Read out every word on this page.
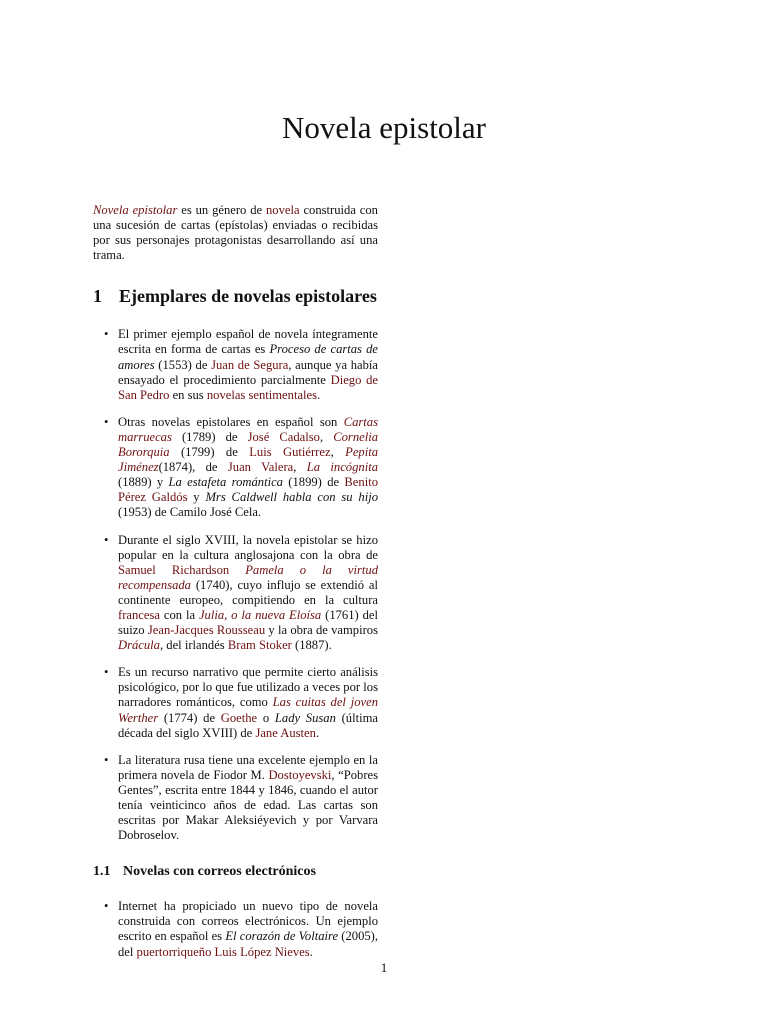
Novela epistolar

Novela epistolar es un género de novela construida con una sucesión de cartas (epístolas) enviadas o recibidas por sus personajes protagonistas desarrollando así una trama.

1 Ejemplares de novelas epistolares
• El primer ejemplo español de novela íntegramente escrita en forma de cartas es Proceso de cartas de amores (1553) de Juan de Segura, aunque ya había ensayado el procedimiento parcialmente Diego de San Pedro en sus novelas sentimentales.
• Otras novelas epistolares en español son Cartas marruecas (1789) de José Cadalso, Cornelia Bororquia (1799) de Luis Gutiérrez, Pepita Jiménez(1874), de Juan Valera, La incógnita (1889) y La estafeta romántica (1899) de Benito Pérez Galdós y Mrs Caldwell habla con su hijo (1953) de Camilo José Cela.
• Durante el siglo XVIII, la novela epistolar se hizo popular en la cultura anglosajona con la obra de Samuel Richardson Pamela o la virtud recompensada (1740), cuyo influjo se extendió al continente europeo, compitiendo en la cultura francesa con la Julia, o la nueva Eloísa (1761) del suizo Jean-Jacques Rousseau y la obra de vampiros Drácula, del irlandés Bram Stoker (1887).
• Es un recurso narrativo que permite cierto análisis psicológico, por lo que fue utilizado a veces por los narradores románticos, como Las cuitas del joven Werther (1774) de Goethe o Lady Susan (última década del siglo XVIII) de Jane Austen.
• La literatura rusa tiene una excelente ejemplo en la primera novela de Fiodor M. Dostoyevski, “Pobres Gentes”, escrita entre 1844 y 1846, cuando el autor tenía veinticinco años de edad. Las cartas son escritas por Makar Aleksiéyevich y por Varvara Dobroselov.
1.1 Novelas con correos electrónicos
• Internet ha propiciado un nuevo tipo de novela construida con correos electrónicos. Un ejemplo escrito en español es El corazón de Voltaire (2005), del puertorriqueño Luis López Nieves.
1
